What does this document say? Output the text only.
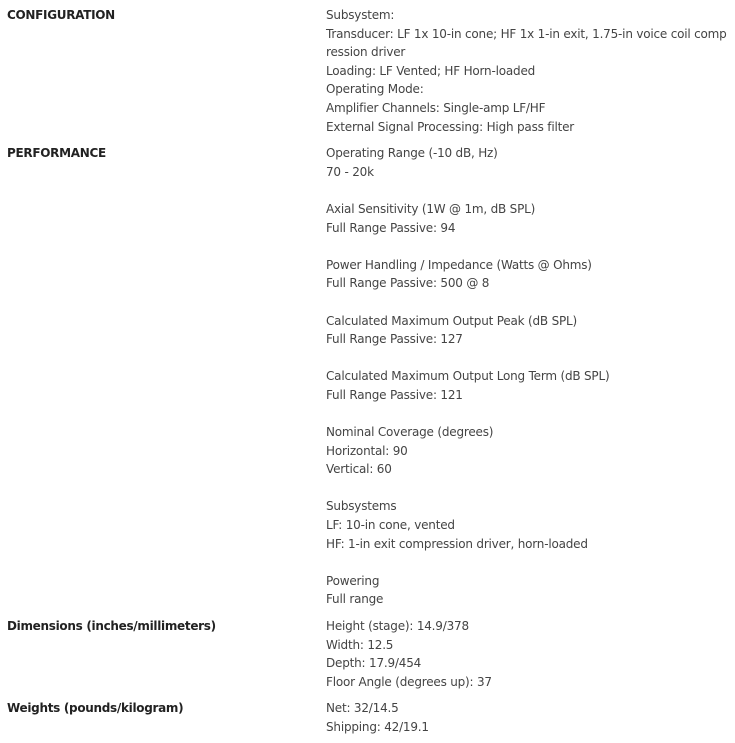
CONFIGURATION	Subsystem:
Transducer: LF 1x 10-in cone; HF 1x 1-in exit, 1.75-in voice coil compression driver
Loading: LF Vented; HF Horn-loaded
Operating Mode:
Amplifier Channels: Single-amp LF/HF
External Signal Processing: High pass filter
PERFORMANCE	Operating Range (-10 dB, Hz)
70 - 20k
Axial Sensitivity (1W @ 1m, dB SPL)
Full Range Passive: 94
Power Handling / Impedance (Watts @ Ohms)
Full Range Passive: 500 @ 8
Calculated Maximum Output Peak (dB SPL)
Full Range Passive: 127
Calculated Maximum Output Long Term (dB SPL)
Full Range Passive: 121
Nominal Coverage (degrees)
Horizontal: 90
Vertical: 60
Subsystems
LF: 10-in cone, vented
HF: 1-in exit compression driver, horn-loaded
Powering
Full range
Dimensions (inches/millimeters)	Height (stage): 14.9/378
Width: 12.5
Depth: 17.9/454
Floor Angle (degrees up): 37
Weights (pounds/kilogram)	Net: 32/14.5
Shipping: 42/19.1
